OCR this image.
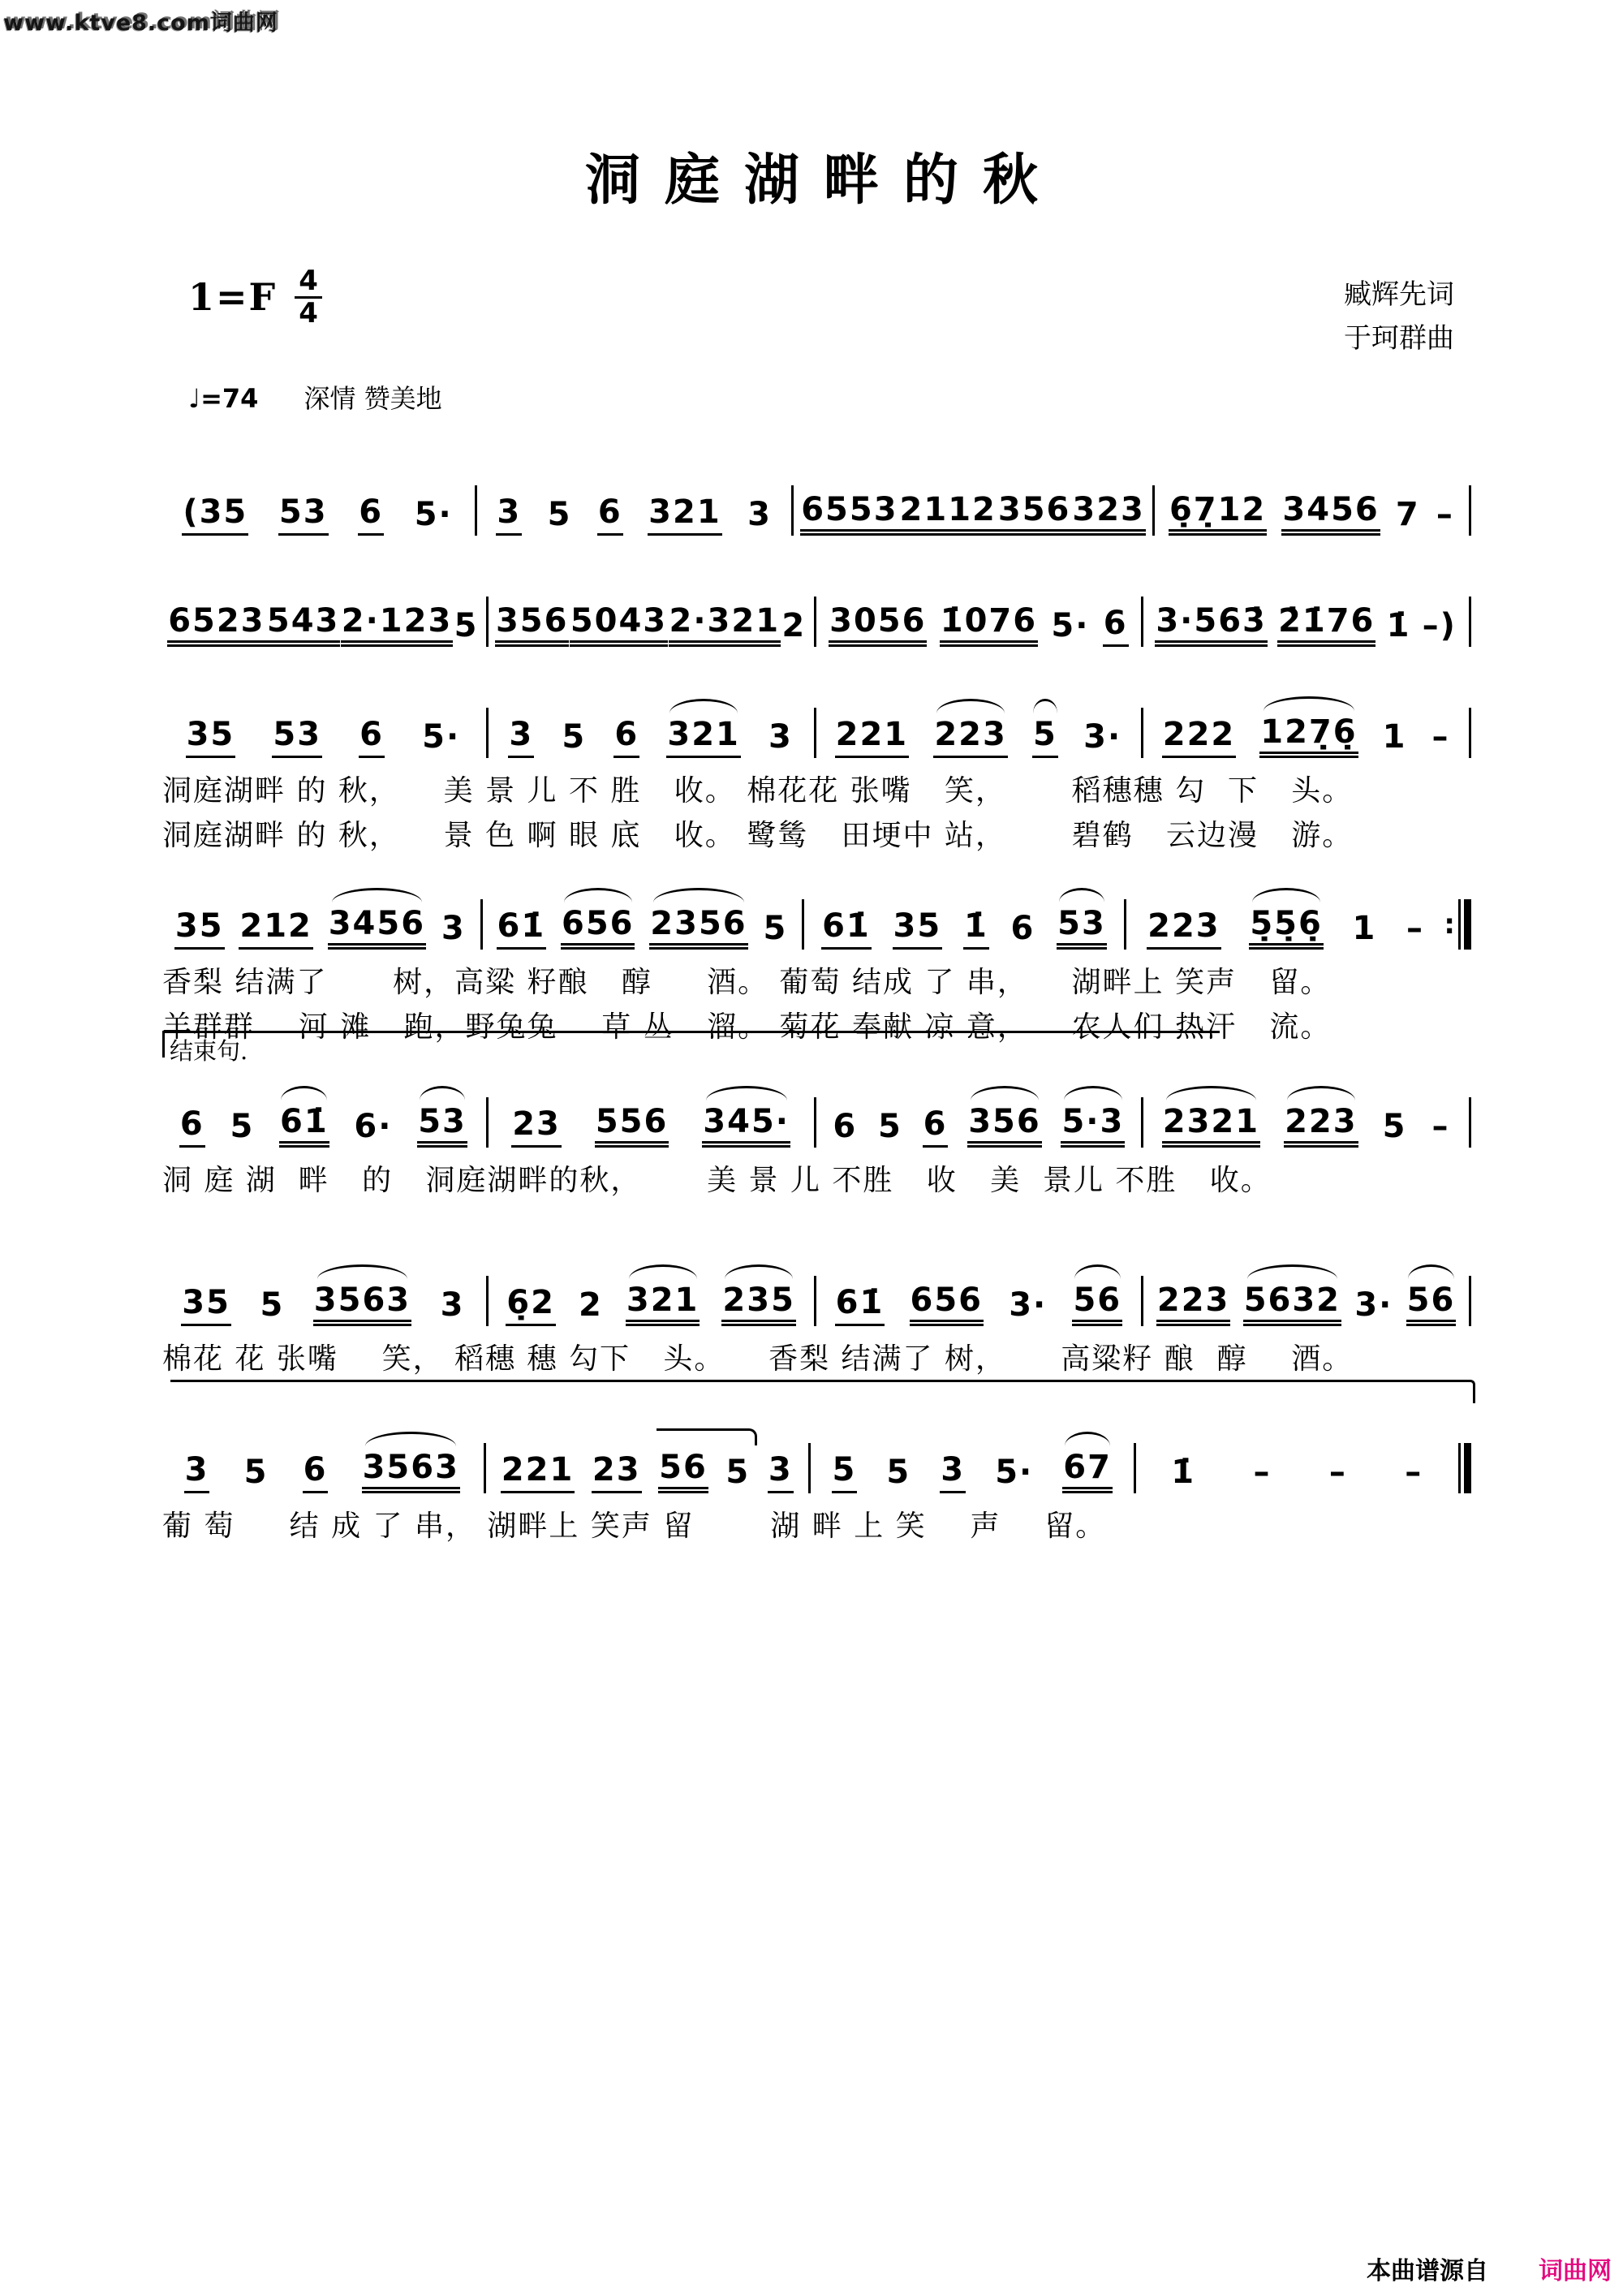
www.ktve8.com词曲网
洞庭湖畔的秋
$1=F \frac{4}{4}$	臧辉先词
于珂群曲
♩=74 深情 赞美地
结束句.
(35 53 6 5· 3 5 6 321 3 6553 2112 356 323 6̣7̣12 3456 7 –
6523 543 2·123 5 356 5043 2·321 2 3056 1̇076 5· 6 3·563̇ 2̇1̇76 1̇ –)
35 53 6 5· 3 5 6 321 3 221 223 5 3· 222 127̣6̣ 1 –
洞庭湖畔 的 秋，    美 景 儿 不 胜   收。 棉花花 张嘴   笑，      稻穗穗 勾  下   头。
洞庭湖畔 的 秋，    景 色 啊 眼 底   收。 鹭鸶   田埂中 站，      碧鹤   云边漫   游。
35 212 3456 3 61̇ 656 2356 5 61̇ 35 1̇ 6 53 223 5̣5̣6̣ 1 – :
香梨 结满了      树，高粱 籽酿   醇     酒。 葡萄 结成 了 串，    湖畔上 笑声   留。
羊群群    河 滩   跑，野兔兔    草 丛   溜。 菊花 奉献 凉 意，    农人们 热汗   流。
6 5 61̇ 6· 53 23 556 345· 6 5 6 356 5·3 2321 223 5 –
洞 庭 湖  畔   的   洞庭湖畔的秋，      美 景 儿 不胜   收   美  景儿 不胜   收。
35 5 3563 3 6̣2 2 321 235 61̇ 656 3· 56 223 5632 3· 56
棉花 花 张嘴    笑， 稻穗 穗 勾下   头。    香梨 结满了 树，     高粱籽 酿  醇    酒。
3 5 6 3563 221 23 56 5 3 5 5 3 5· 67 1̇ – – –
葡 萄     结 成 了 串， 湖畔上 笑声 留       湖 畔 上 笑    声    留。
本曲谱源自 词曲网
